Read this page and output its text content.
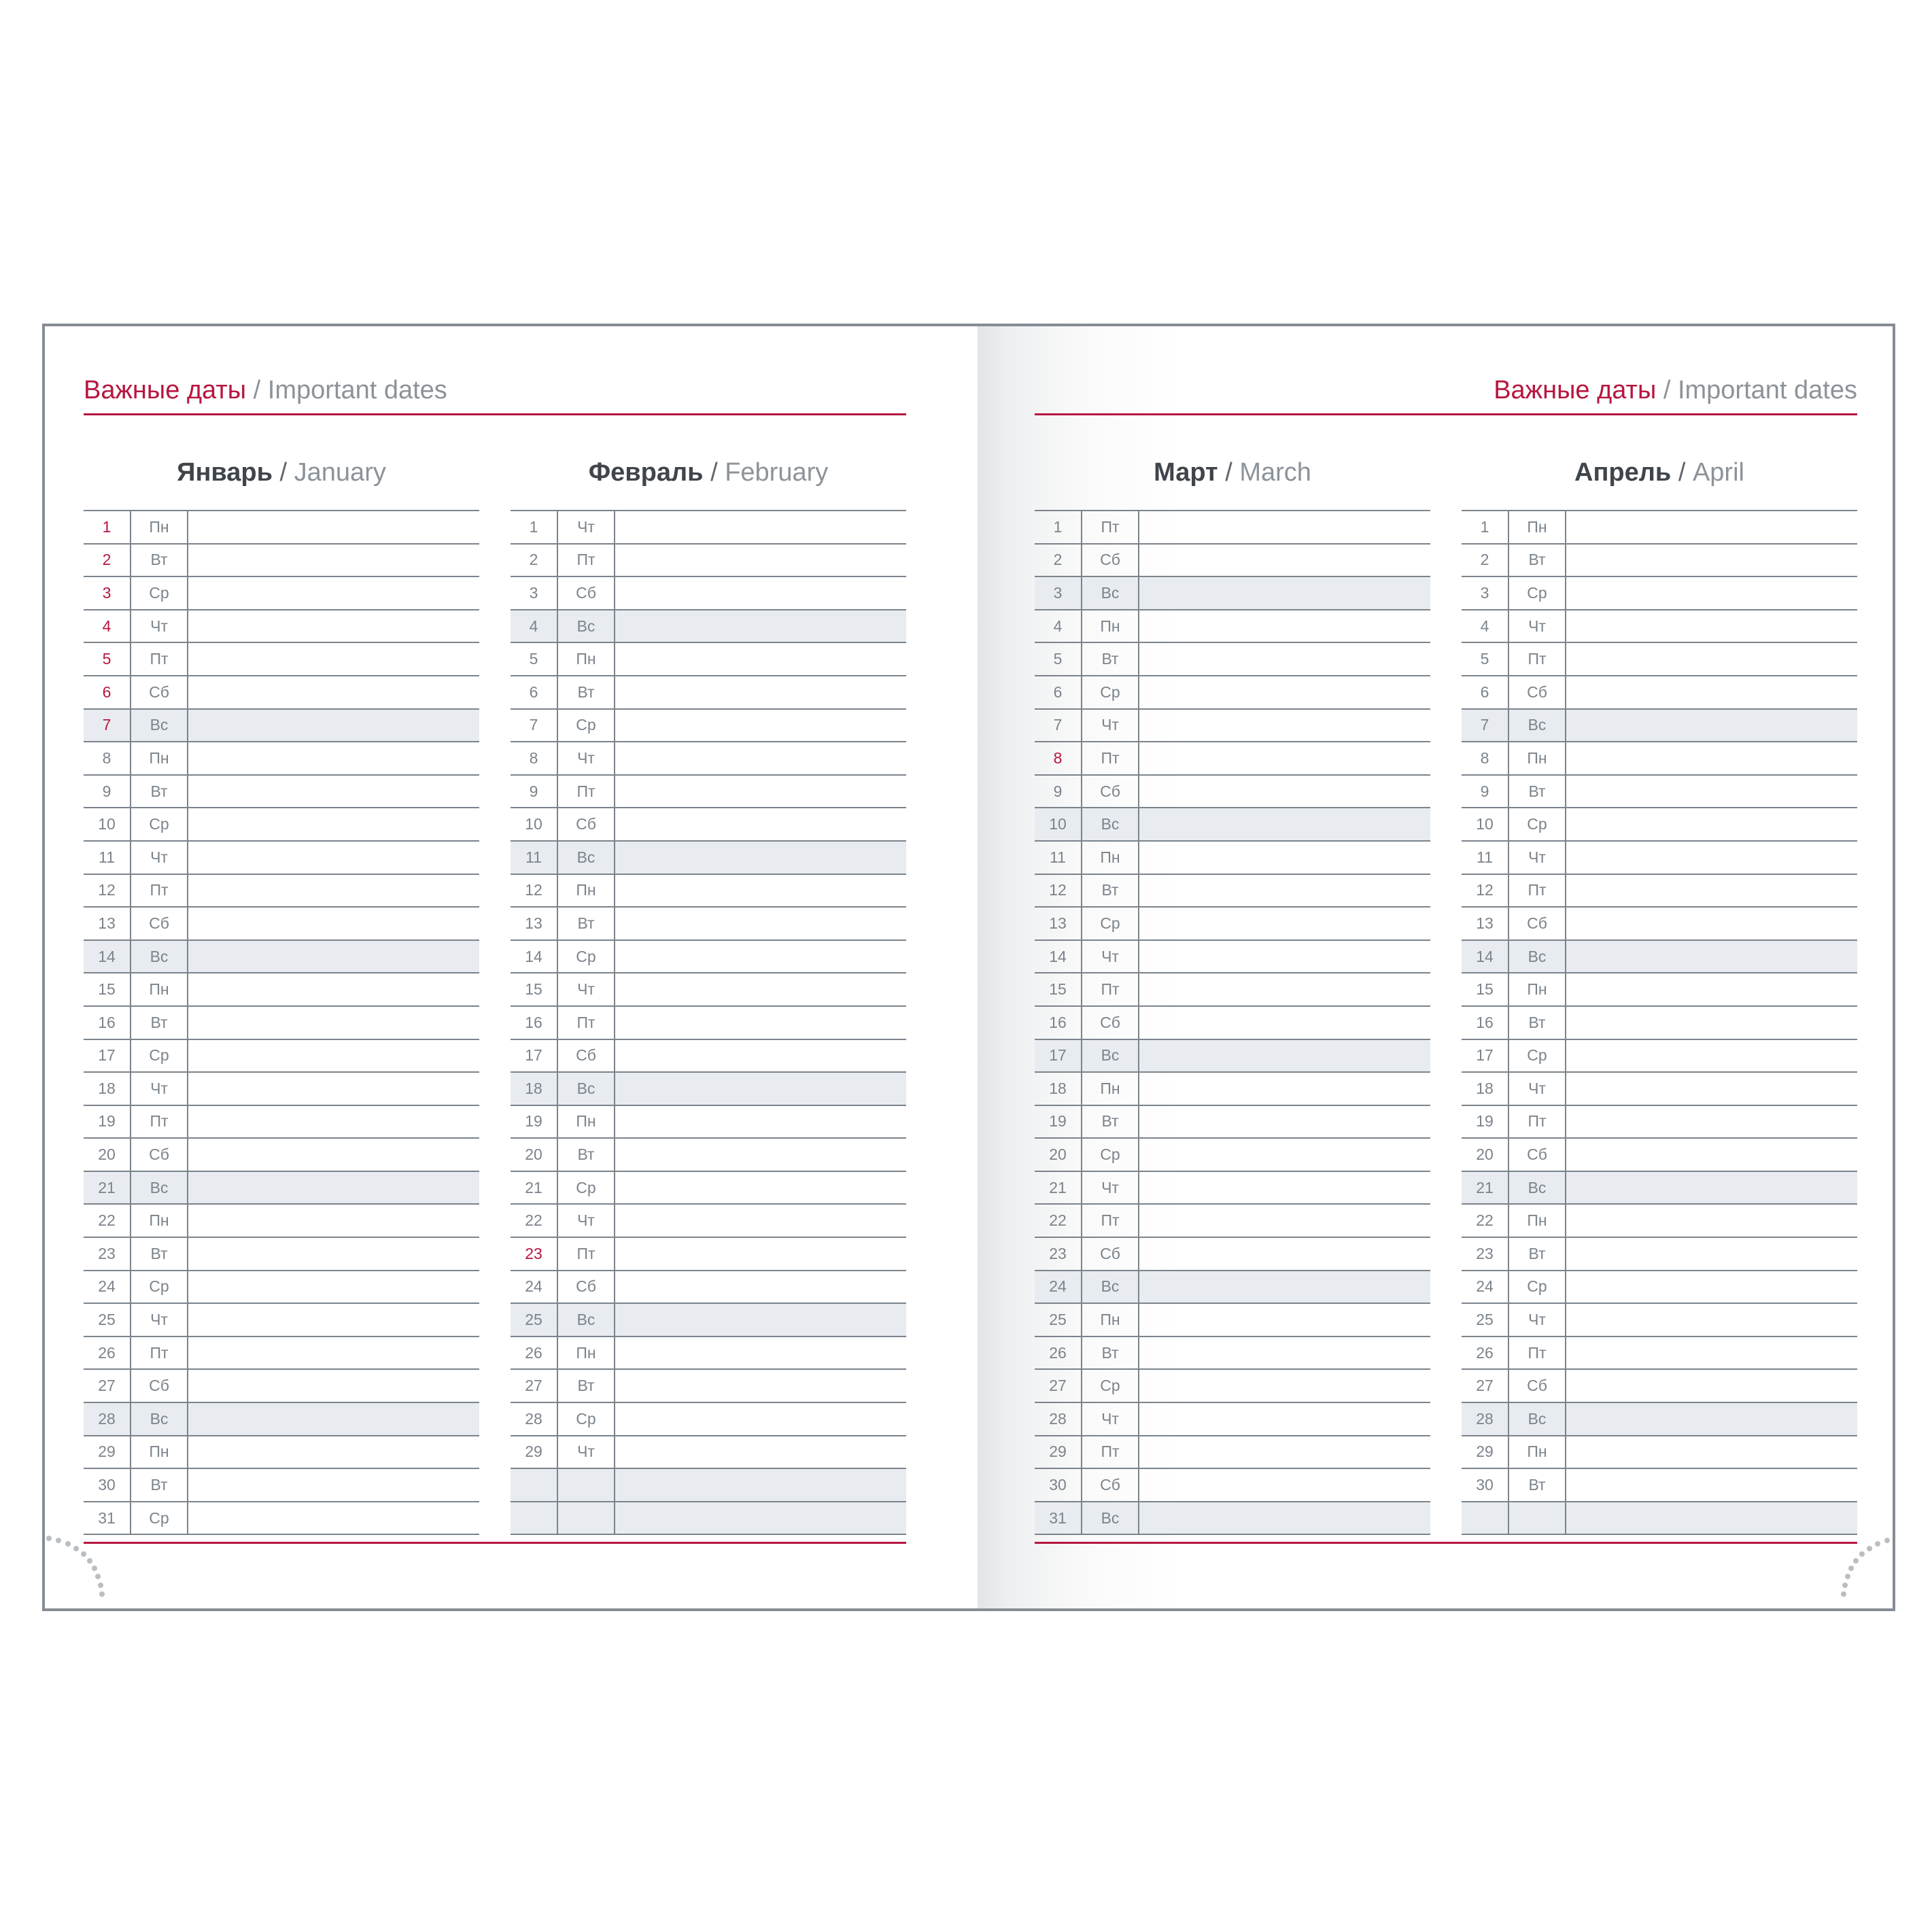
Важные даты / Important dates	Важные даты / Important dates
Январь / January
1	Пн
2	Вт
3	Ср
4	Чт
5	Пт
6	Сб
7	Вс
8	Пн
9	Вт
10	Ср
11	Чт
12	Пт
13	Сб
14	Вс
15	Пн
16	Вт
17	Ср
18	Чт
19	Пт
20	Сб
21	Вс
22	Пн
23	Вт
24	Ср
25	Чт
26	Пт
27	Сб
28	Вс
29	Пн
30	Вт
31	Ср
Февраль / February
1	Чт
2	Пт
3	Сб
4	Вс
5	Пн
6	Вт
7	Ср
8	Чт
9	Пт
10	Сб
11	Вс
12	Пн
13	Вт
14	Ср
15	Чт
16	Пт
17	Сб
18	Вс
19	Пн
20	Вт
21	Ср
22	Чт
23	Пт
24	Сб
25	Вс
26	Пн
27	Вт
28	Ср
29	Чт
Март / March
1	Пт
2	Сб
3	Вс
4	Пн
5	Вт
6	Ср
7	Чт
8	Пт
9	Сб
10	Вс
11	Пн
12	Вт
13	Ср
14	Чт
15	Пт
16	Сб
17	Вс
18	Пн
19	Вт
20	Ср
21	Чт
22	Пт
23	Сб
24	Вс
25	Пн
26	Вт
27	Ср
28	Чт
29	Пт
30	Сб
31	Вс
Апрель / April
1	Пн
2	Вт
3	Ср
4	Чт
5	Пт
6	Сб
7	Вс
8	Пн
9	Вт
10	Ср
11	Чт
12	Пт
13	Сб
14	Вс
15	Пн
16	Вт
17	Ср
18	Чт
19	Пт
20	Сб
21	Вс
22	Пн
23	Вт
24	Ср
25	Чт
26	Пт
27	Сб
28	Вс
29	Пн
30	Вт
